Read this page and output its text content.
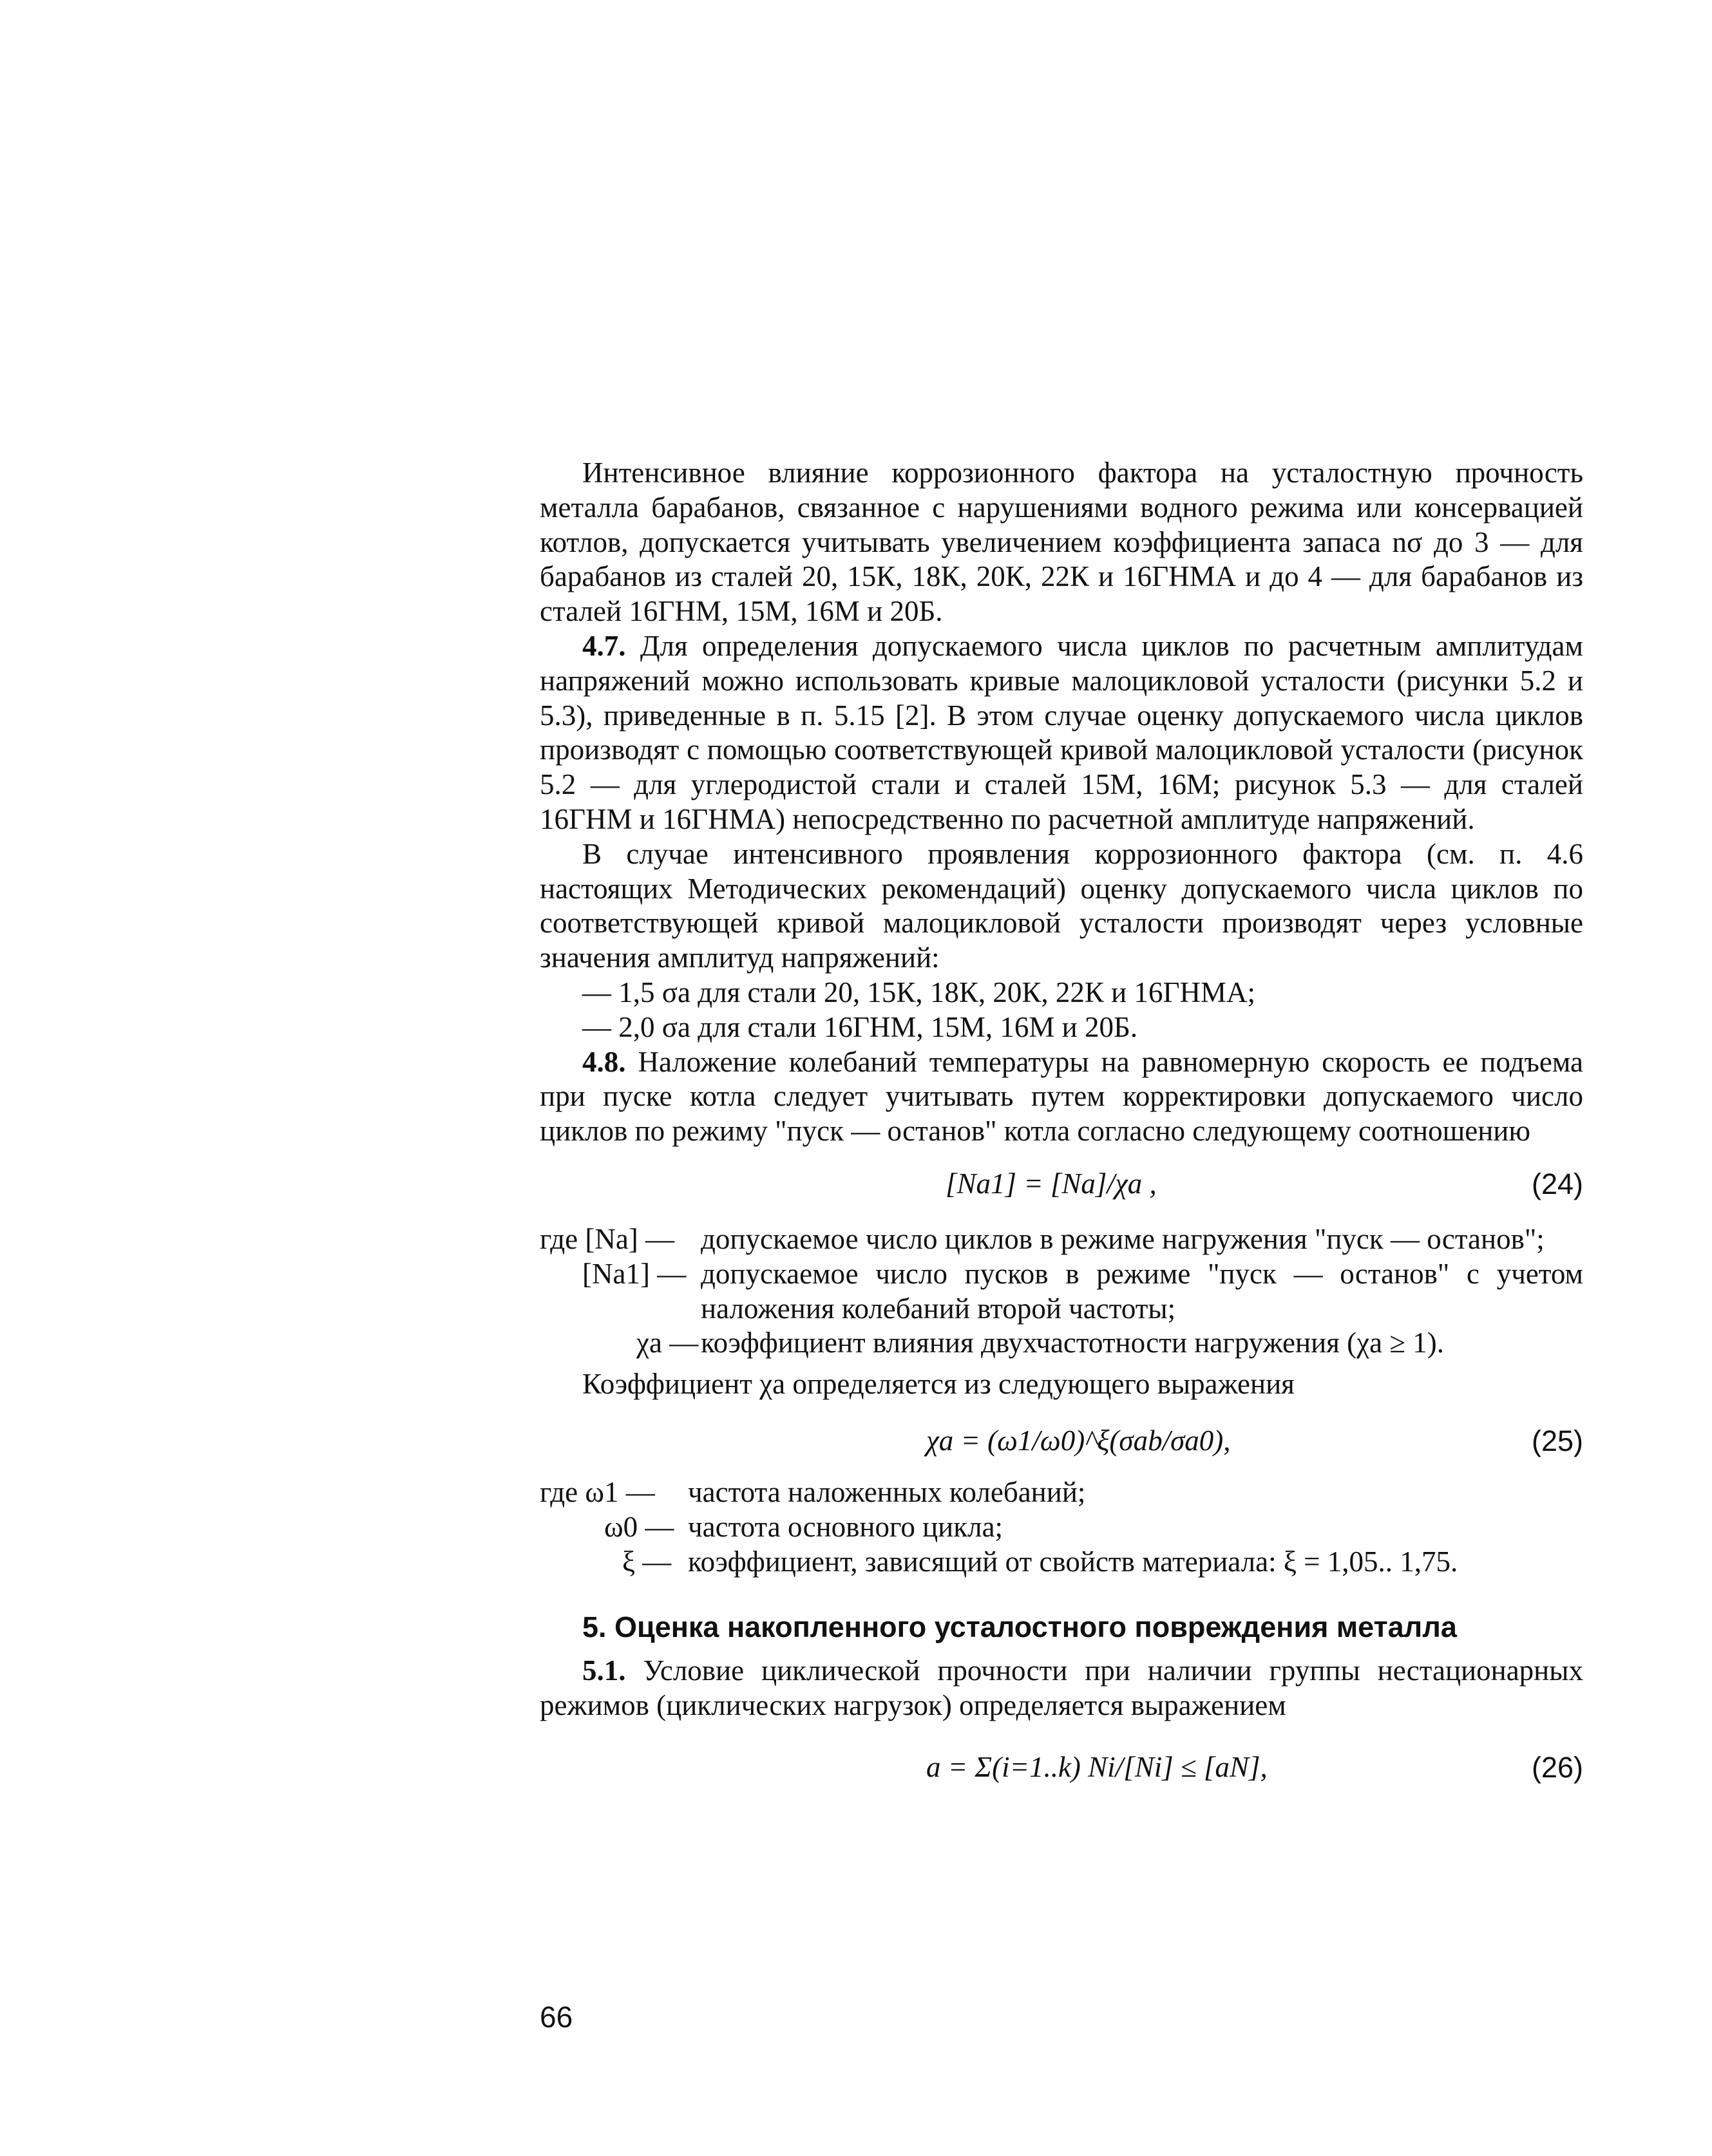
Интенсивное влияние коррозионного фактора на усталостную прочность металла барабанов, связанное с нарушениями водного режима или консервацией котлов, допускается учитывать увеличением коэффициента запаса nσ до 3 — для барабанов из сталей 20, 15К, 18К, 20К, 22К и 16ГНМА и до 4 — для барабанов из сталей 16ГНМ, 15М, 16М и 20Б.

4.7. Для определения допускаемого числа циклов по расчетным амплитудам напряжений можно использовать кривые малоцикловой усталости (рисунки 5.2 и 5.3), приведенные в п. 5.15 [2]. В этом случае оценку допускаемого числа циклов производят с помощью соответствующей кривой малоцикловой усталости (рисунок 5.2 — для углеродистой стали и сталей 15М, 16М; рисунок 5.3 — для сталей 16ГНМ и 16ГНМА) непосредственно по расчетной амплитуде напряжений.

В случае интенсивного проявления коррозионного фактора (см. п. 4.6 настоящих Методических рекомендаций) оценку допускаемого числа циклов по соответствующей кривой малоцикловой усталости производят через условные значения амплитуд напряжений:

— 1,5 σa для стали 20, 15К, 18К, 20К, 22К и 16ГНМА;

— 2,0 σa для стали 16ГНМ, 15М, 16М и 20Б.

4.8. Наложение колебаний температуры на равномерную скорость ее подъема при пуске котла следует учитывать путем корректировки допускаемого число циклов по режиму "пуск — останов" котла согласно следующему соотношению

[Na1] = [Na]/χa ,	(24)
где [Na] — допускаемое число циклов в режиме нагружения "пуск — останов";
[Na1] — допускаемое число пусков в режиме "пуск — останов" с учетом наложения колебаний второй частоты;
χa — коэффициент влияния двухчастотности нагружения (χa ≥ 1).

Коэффициент χa определяется из следующего выражения

χa = (ω1/ω0)^ξ(σab/σa0),	(25)
где ω1 — частота наложенных колебаний;
ω0 — частота основного цикла;
ξ — коэффициент, зависящий от свойств материала: ξ = 1,05.. 1,75.
5. Оценка накопленного усталостного повреждения металла

5.1. Условие циклической прочности при наличии группы нестационарных режимов (циклических нагрузок) определяется выражением

a = Σ(i=1..k) Ni/[Ni] ≤ [aN],	(26)
66
